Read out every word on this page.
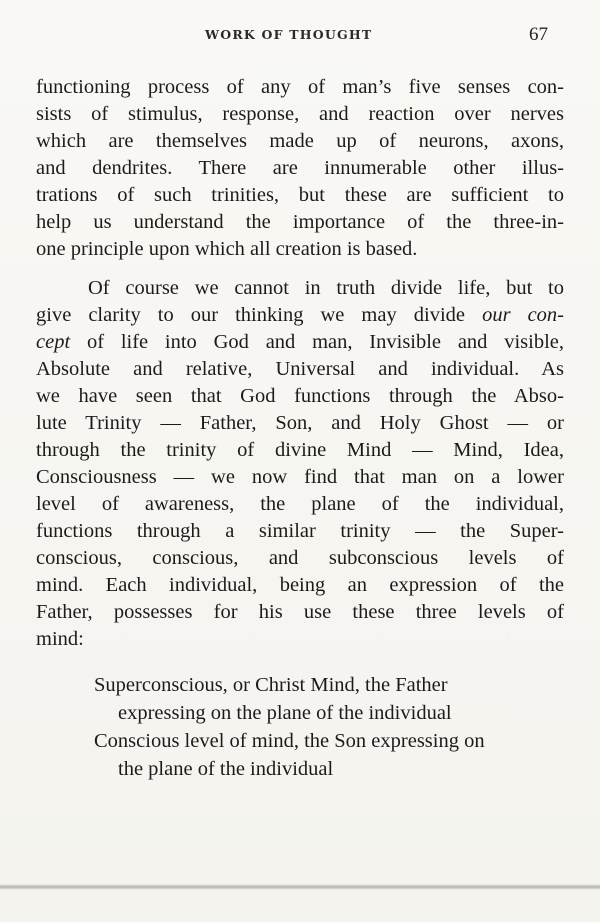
WORK OF THOUGHT	67
functioning process of any of man’s five senses con-
sists of stimulus, response, and reaction over nerves
which are themselves made up of neurons, axons,
and dendrites. There are innumerable other illus-
trations of such trinities, but these are sufficient to
help us understand the importance of the three-in-
one principle upon which all creation is based.
Of course we cannot in truth divide life, but to
give clarity to our thinking we may divide our con-
cept of life into God and man, Invisible and visible,
Absolute and relative, Universal and individual. As
we have seen that God functions through the Abso-
lute Trinity — Father, Son, and Holy Ghost — or
through the trinity of divine Mind — Mind, Idea,
Consciousness — we now find that man on a lower
level of awareness, the plane of the individual,
functions through a similar trinity — the Super-
conscious, conscious, and subconscious levels of
mind. Each individual, being an expression of the
Father, possesses for his use these three levels of
mind:
Superconscious, or Christ Mind, the Father
expressing on the plane of the individual
Conscious level of mind, the Son expressing on
the plane of the individual
